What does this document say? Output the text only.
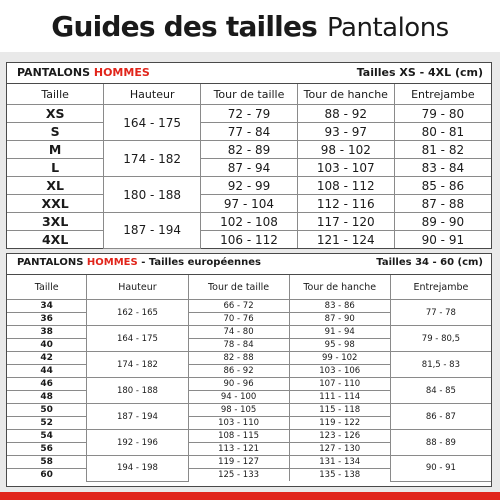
Guides des tailles Pantalons
PANTALONS HOMMES	Tailles XS - 4XL (cm)
Taille	Hauteur	Tour de taille	Tour de hanche	Entrejambe
XS	164 - 175	72 - 79	88 - 92	79 - 80
S		77 - 84	93 - 97	80 - 81
M	174 - 182	82 - 89	98 - 102	81 - 82
L		87 - 94	103 - 107	83 - 84
XL	180 - 188	92 - 99	108 - 112	85 - 86
XXL		97 - 104	112 - 116	87 - 88
3XL	187 - 194	102 - 108	117 - 120	89 - 90
4XL		106 - 112	121 - 124	90 - 91
PANTALONS HOMMES - Tailles européennes	Tailles 34 - 60 (cm)
Taille	Hauteur	Tour de taille	Tour de hanche	Entrejambe
34	162 - 165	66 - 72	83 - 86	77 - 78
36		70 - 76	87 - 90	
38	164 - 175	74 - 80	91 - 94	79 - 80,5
40		78 - 84	95 - 98	
42	174 - 182	82 - 88	99 - 102	81,5 - 83
44		86 - 92	103 - 106	
46	180 - 188	90 - 96	107 - 110	84 - 85
48		94 - 100	111 - 114	
50	187 - 194	98 - 105	115 - 118	86 - 87
52		103 - 110	119 - 122	
54	192 - 196	108 - 115	123 - 126	88 - 89
56		113 - 121	127 - 130	
58	194 - 198	119 - 127	131 - 134	90 - 91
60		125 - 133	135 - 138	
